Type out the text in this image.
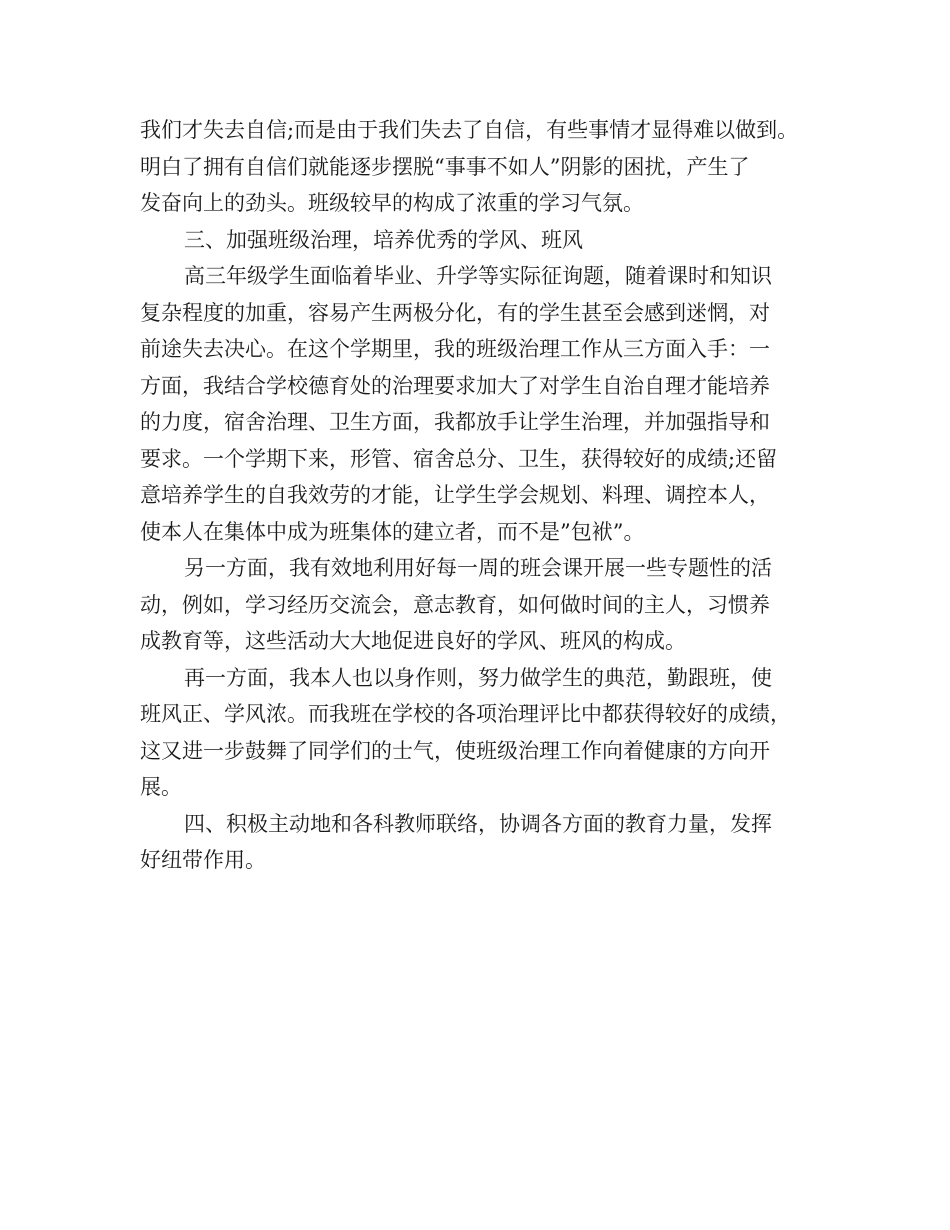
我们才失去自信;而是由于我们失去了自信，有些事情才显得难以做到。
明白了拥有自信们就能逐步摆脱“事事不如人”阴影的困扰，产生了
发奋向上的劲头。班级较早的构成了浓重的学习气氛。
三、加强班级治理，培养优秀的学风、班风
高三年级学生面临着毕业、升学等实际征询题，随着课时和知识
复杂程度的加重，容易产生两极分化，有的学生甚至会感到迷惘，对
前途失去决心。在这个学期里，我的班级治理工作从三方面入手：一
方面，我结合学校德育处的治理要求加大了对学生自治自理才能培养
的力度，宿舍治理、卫生方面，我都放手让学生治理，并加强指导和
要求。一个学期下来，形管、宿舍总分、卫生，获得较好的成绩;还留
意培养学生的自我效劳的才能，让学生学会规划、料理、调控本人，
使本人在集体中成为班集体的建立者，而不是”包袱”。
另一方面，我有效地利用好每一周的班会课开展一些专题性的活
动，例如，学习经历交流会，意志教育，如何做时间的主人，习惯养
成教育等，这些活动大大地促进良好的学风、班风的构成。
再一方面，我本人也以身作则，努力做学生的典范，勤跟班，使
班风正、学风浓。而我班在学校的各项治理评比中都获得较好的成绩，
这又进一步鼓舞了同学们的士气，使班级治理工作向着健康的方向开
展。
四、积极主动地和各科教师联络，协调各方面的教育力量，发挥
好纽带作用。
